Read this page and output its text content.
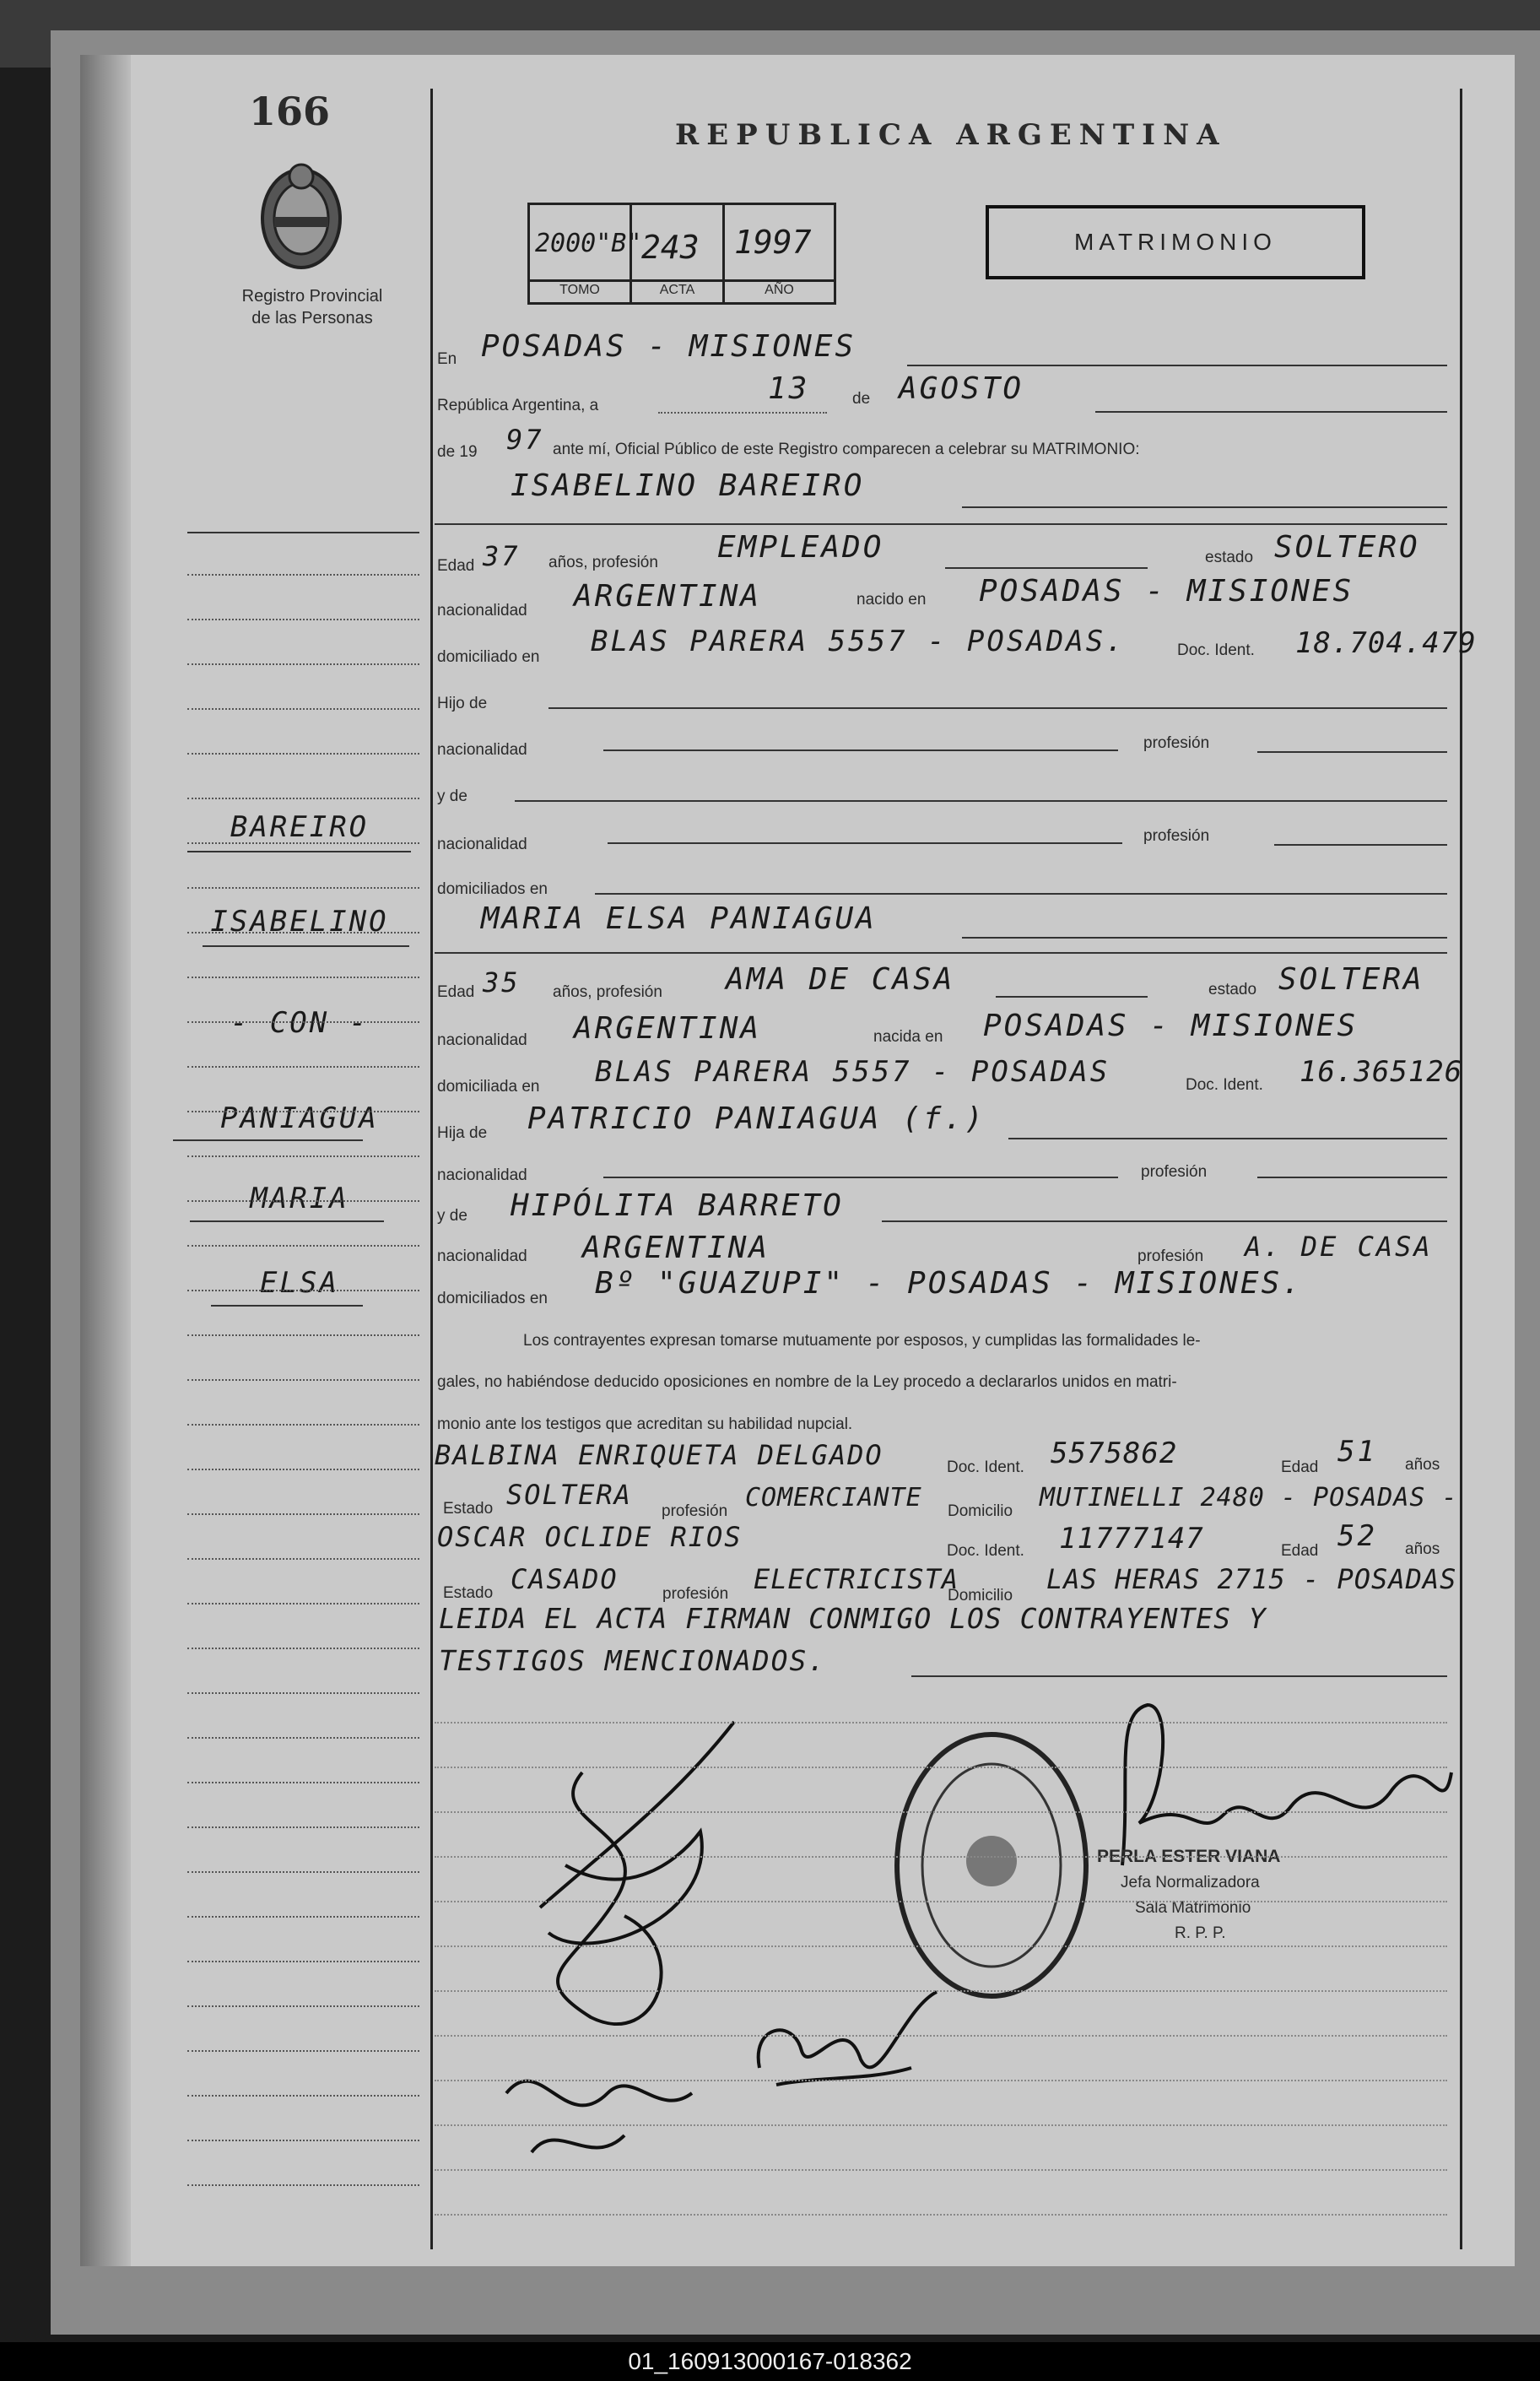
166
Registro Provincial
de las Personas
REPUBLICA ARGENTINA
2000"B" 243 1997
TOMO	ACTA	AÑO
MATRIMONIO
En POSADAS - MISIONES
República Argentina, a	13	de AGOSTO
de 19 97 ante mí, Oficial Público de este Registro comparecen a celebrar su MATRIMONIO:
ISABELINO BAREIRO
Edad 37 años, profesión EMPLEADO	estado SOLTERO
nacionalidad ARGENTINA	nacido en POSADAS - MISIONES
domiciliado en BLAS PARERA 5557 - POSADAS.	Doc. Ident. 18.704.479
Hijo de
nacionalidad	profesión
y de
nacionalidad	profesión
domiciliados en
MARIA ELSA PANIAGUA
Edad 35 años, profesión AMA DE CASA	estado SOLTERA
nacionalidad ARGENTINA	nacida en POSADAS - MISIONES
domiciliada en BLAS PARERA 5557 - POSADAS	Doc. Ident. 16.365126
Hija de PATRICIO PANIAGUA (f.)
nacionalidad	profesión
y de HIPÓLITA BARRETO
nacionalidad ARGENTINA	profesión A. DE CASA
domiciliados en Bº "GUAZUPI" - POSADAS - MISIONES.
Los contrayentes expresan tomarse mutuamente por esposos, y cumplidas las formalidades le-
gales, no habiéndose deducido oposiciones en nombre de la Ley procedo a declararlos unidos en matri-
monio ante los testigos que acreditan su habilidad nupcial.
BALBINA ENRIQUETA DELGADO	Doc. Ident. 5575862	Edad 51 años
Estado SOLTERA
profesión COMERCIANTE Domicilio MUTINELLI 2480 - POSADAS -
OSCAR OCLIDE RIOS	Doc. Ident. 11777147	Edad 52 años
Estado CASADO	profesión ELECTRICISTA
Domicilio
LAS HERAS 2715 - POSADAS
LEIDA EL ACTA FIRMAN CONMIGO LOS CONTRAYENTES Y
TESTIGOS MENCIONADOS.
PERLA ESTER VIANA
Jefa Normalizadora
Sala Matrimonio
R. P. P.
BAREIRO
ISABELINO
- CON -
PANIAGUA
MARIA
ELSA
01_160913000167-018362
